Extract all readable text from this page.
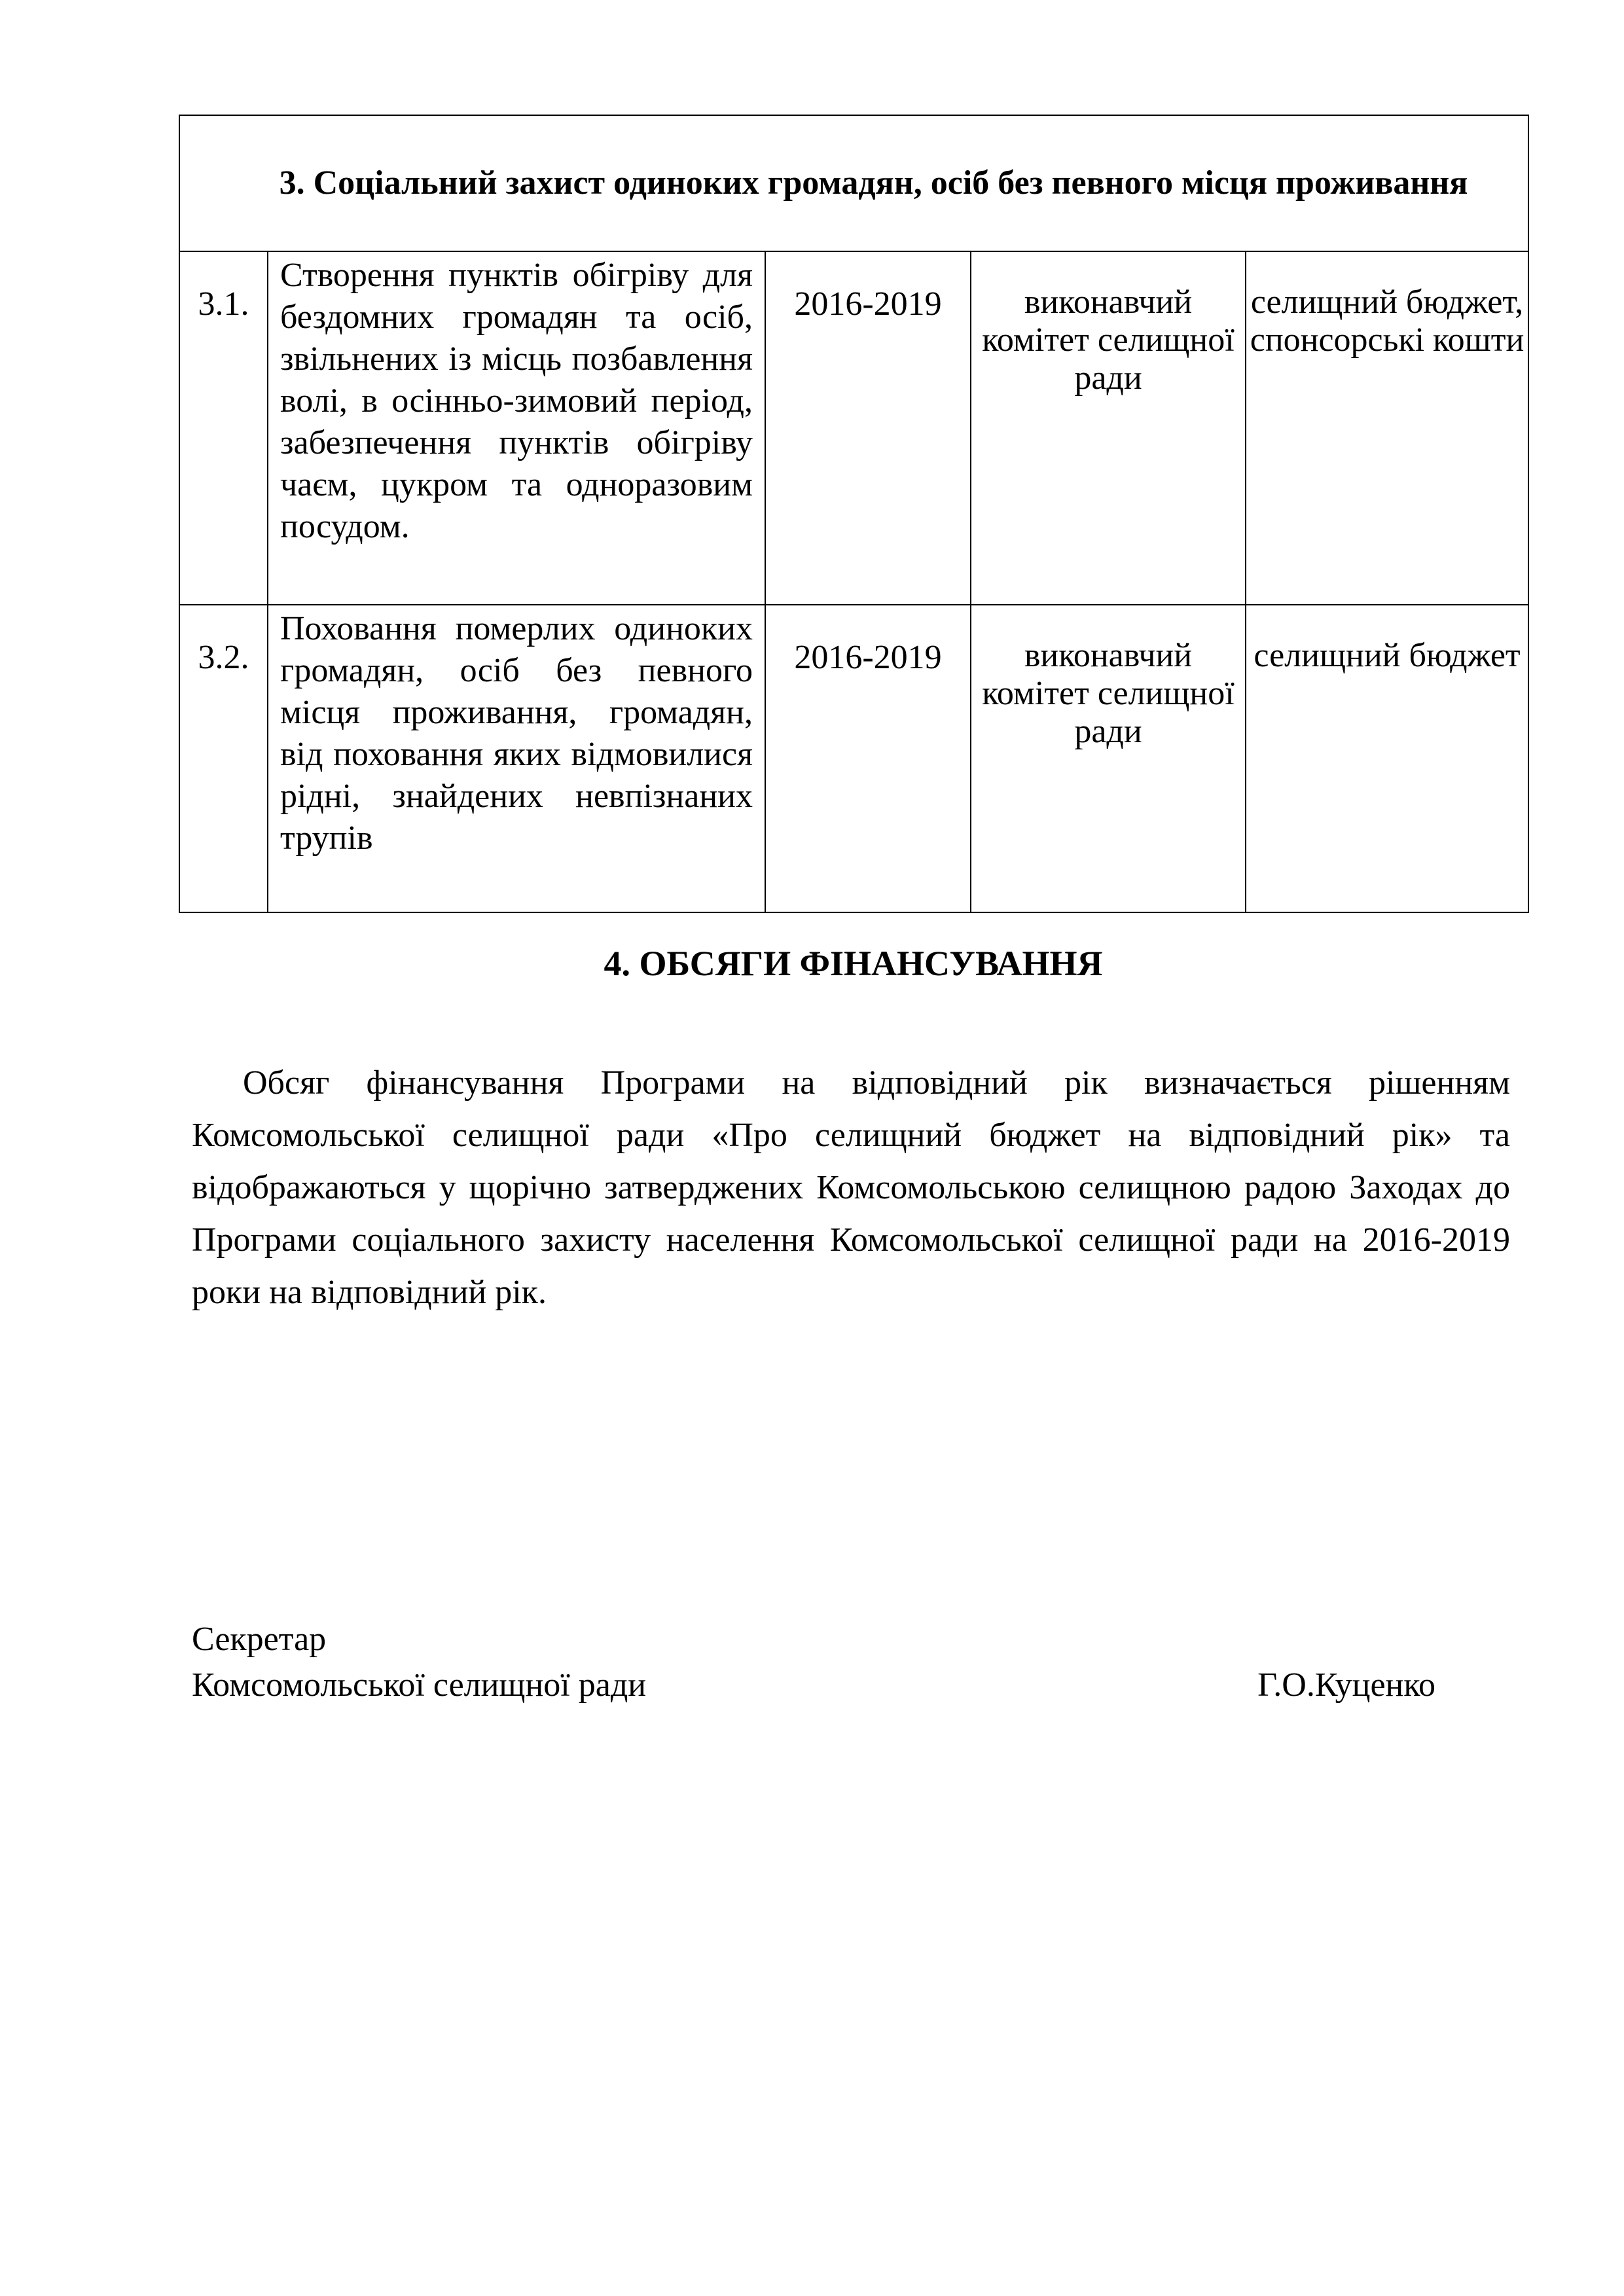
3. Соціальний захист одиноких громадян, осіб без певного місця проживання				

3.1.	Створення пунктів обігріву для бездомних громадян та осіб, звільнених із місць позбавлення волі, в осінньо-зимовий період, забезпечення пунктів обігріву чаєм, цукром та одноразовим посудом.	2016-2019	виконавчий комітет селищної ради	селищний бюджет, спонсорські кошти
3.2.	Поховання померлих одиноких громадян, осіб без певного місця проживання, громадян, від поховання яких відмовилися рідні, знайдених невпізнаних трупів	2016-2019	виконавчий комітет селищної ради	селищний бюджет
4. ОБСЯГИ ФІНАНСУВАННЯ

Обсяг фінансування Програми на відповідний рік визначається рішенням Комсомольської селищної ради «Про селищний бюджет на відповідний рік» та відображаються у щорічно затверджених Комсомольською селищною радою Заходах до Програми соціального захисту населення Комсомольської селищної ради на 2016-2019 роки на відповідний рік.

Секретар
Комсомольської селищної ради	Г.О.Куценко
